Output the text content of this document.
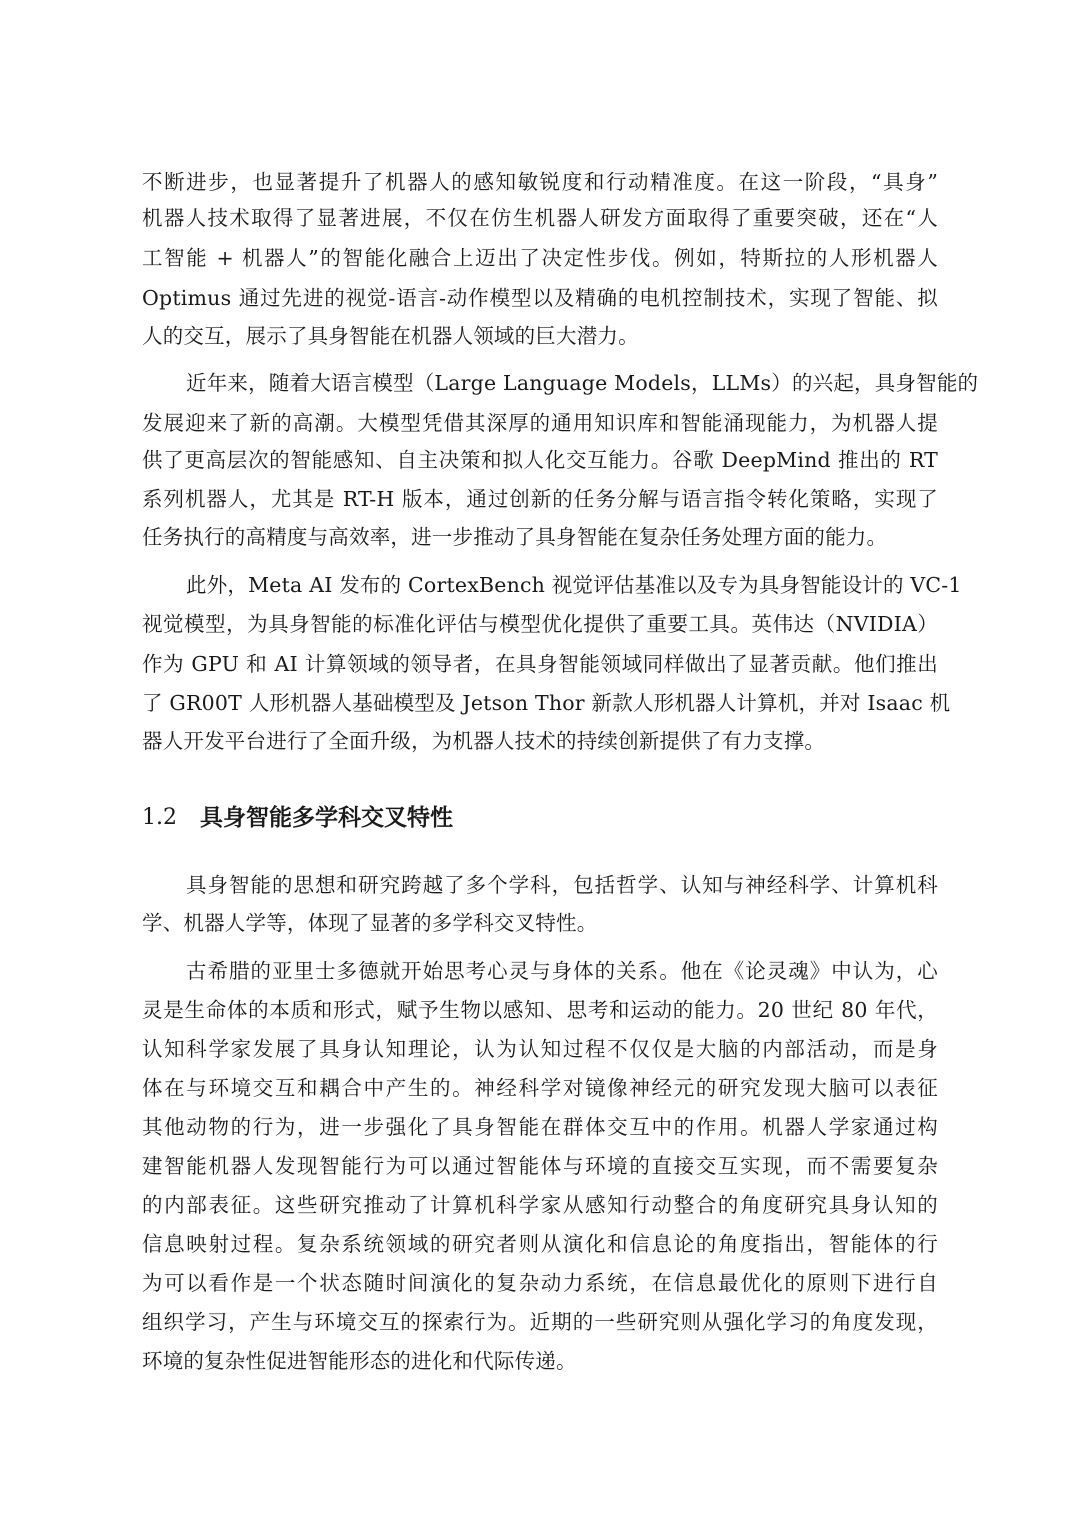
不断进步，也显著提升了机器人的感知敏锐度和行动精准度。在这一阶段，“具身”
机器人技术取得了显著进展，不仅在仿生机器人研发方面取得了重要突破，还在“人
工智能 + 机器人”的智能化融合上迈出了决定性步伐。例如，特斯拉的人形机器人
Optimus 通过先进的视觉-语言-动作模型以及精确的电机控制技术，实现了智能、拟
人的交互，展示了具身智能在机器人领域的巨大潜力。
近年来，随着大语言模型（Large Language Models，LLMs）的兴起，具身智能的
发展迎来了新的高潮。大模型凭借其深厚的通用知识库和智能涌现能力，为机器人提
供了更高层次的智能感知、自主决策和拟人化交互能力。谷歌 DeepMind 推出的 RT
系列机器人，尤其是 RT-H 版本，通过创新的任务分解与语言指令转化策略，实现了
任务执行的高精度与高效率，进一步推动了具身智能在复杂任务处理方面的能力。
此外，Meta AI 发布的 CortexBench 视觉评估基准以及专为具身智能设计的 VC-1
视觉模型，为具身智能的标准化评估与模型优化提供了重要工具。英伟达（NVIDIA）
作为 GPU 和 AI 计算领域的领导者，在具身智能领域同样做出了显著贡献。他们推出
了 GR00T 人形机器人基础模型及 Jetson Thor 新款人形机器人计算机，并对 Isaac 机
器人开发平台进行了全面升级，为机器人技术的持续创新提供了有力支撑。
1.2	具身智能多学科交叉特性
具身智能的思想和研究跨越了多个学科，包括哲学、认知与神经科学、计算机科
学、机器人学等，体现了显著的多学科交叉特性。
古希腊的亚里士多德就开始思考心灵与身体的关系。他在《论灵魂》中认为，心
灵是生命体的本质和形式，赋予生物以感知、思考和运动的能力。20 世纪 80 年代，
认知科学家发展了具身认知理论，认为认知过程不仅仅是大脑的内部活动，而是身
体在与环境交互和耦合中产生的。神经科学对镜像神经元的研究发现大脑可以表征
其他动物的行为，进一步强化了具身智能在群体交互中的作用。机器人学家通过构
建智能机器人发现智能行为可以通过智能体与环境的直接交互实现，而不需要复杂
的内部表征。这些研究推动了计算机科学家从感知行动整合的角度研究具身认知的
信息映射过程。复杂系统领域的研究者则从演化和信息论的角度指出，智能体的行
为可以看作是一个状态随时间演化的复杂动力系统，在信息最优化的原则下进行自
组织学习，产生与环境交互的探索行为。近期的一些研究则从强化学习的角度发现，
环境的复杂性促进智能形态的进化和代际传递。
